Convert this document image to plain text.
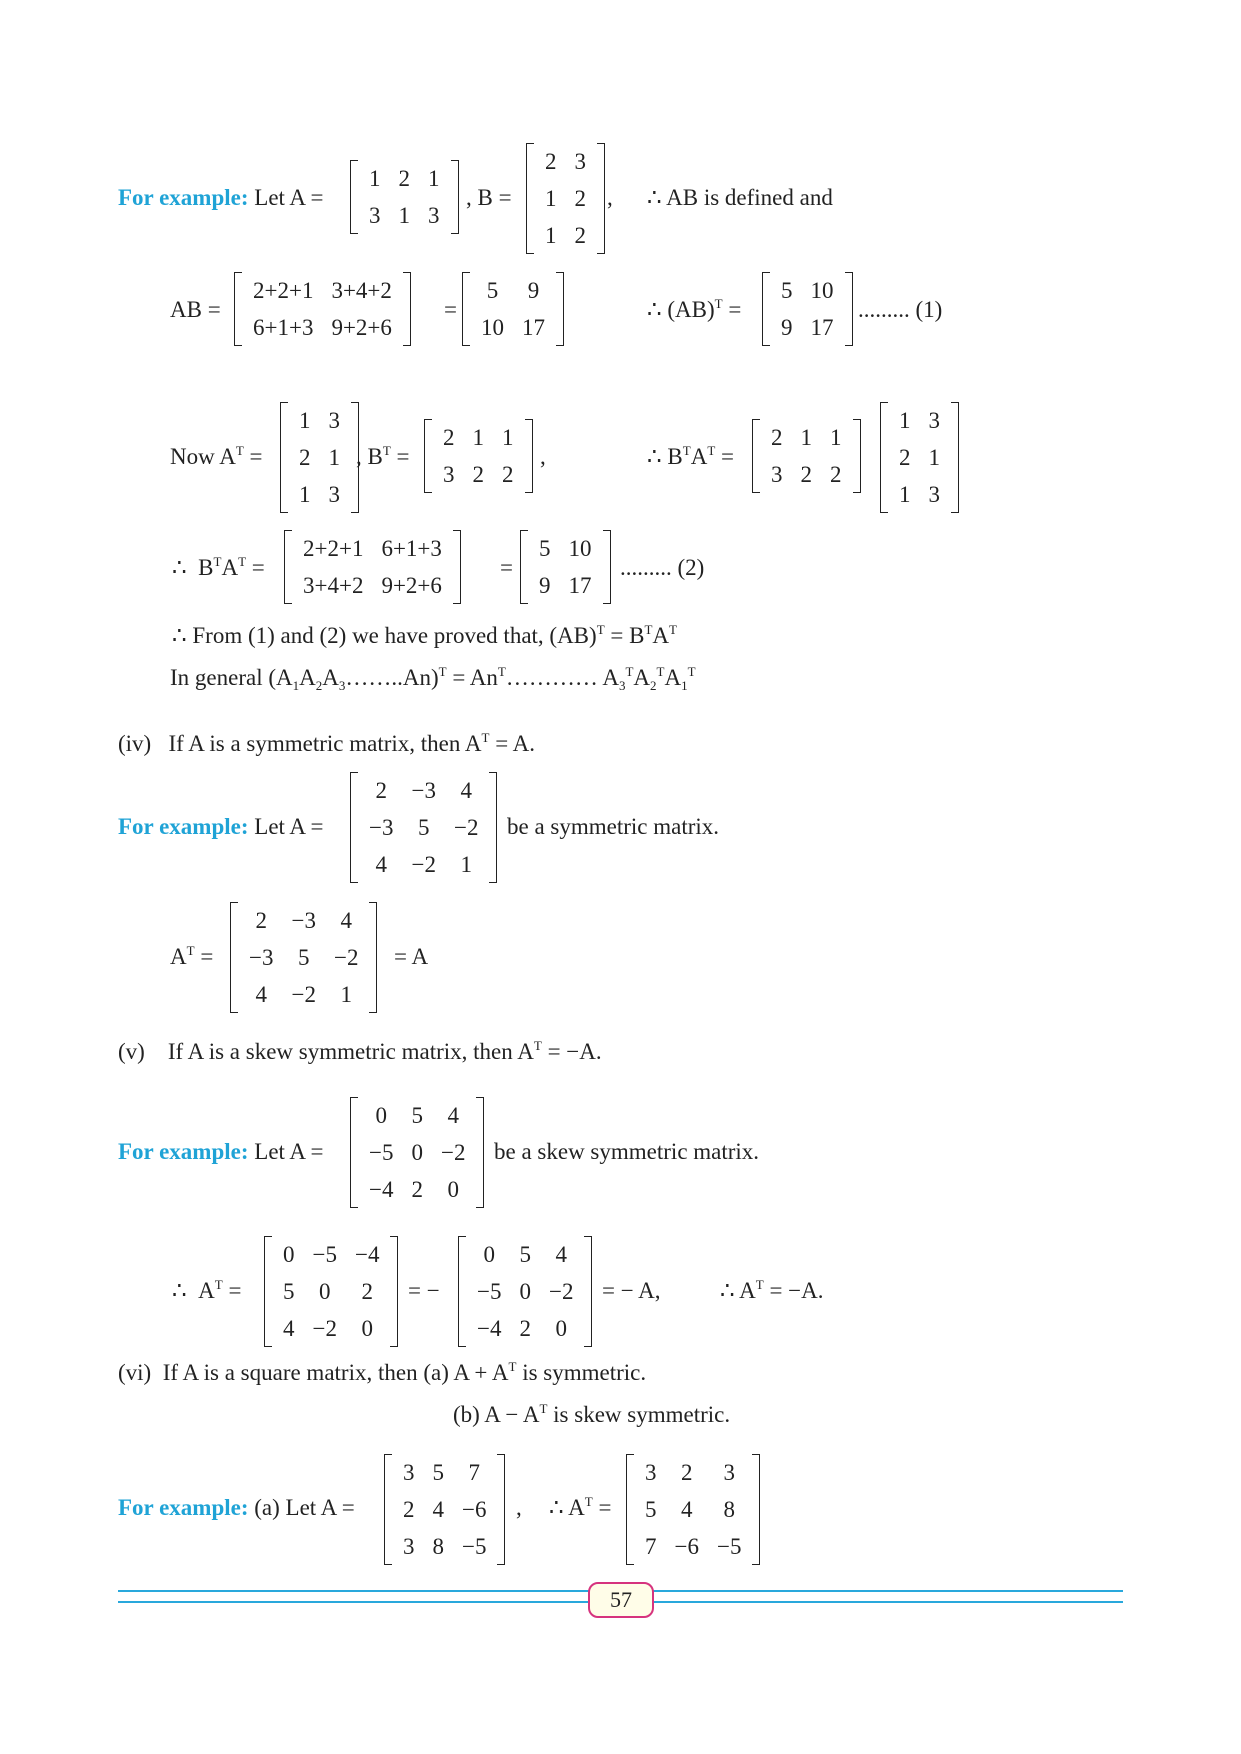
For example: Let A =
1	2	1
3	1	3
, B =
2	3
1	2
1	2
, ∴ AB is defined and
AB =
2+2+1	3+4+2
6+1+3	9+2+6
=
5	9
10	17
∴ (AB)$^T$ =
5	10
9	17
......... (1)
Now $A^T$ =
1	3
2	1
1	3
, $B^T$ =
2	1	1
3	2	2
,	∴ $B^TA^T$ =
2	1	1
3	2	2
1	3
2	1
1	3
∴ $B^TA^T$ =
2+2+1	6+1+3
3+4+2	9+2+6
=
5	10
9	17
......... (2)
∴ From (1) and (2) we have proved that, $(AB)^T = B^TA^T$
In general $(A_1A_2A_3\dots\dots..An)^T$ = $An^T\dots\dots\dots\dots$ $A_3^TA_2^TA_1^T$
(iv) If A is a symmetric matrix, then $A^T = A$.
For example: Let A =
2	−3	4
−3	5	−2
4	−2	1
be a symmetric matrix.
$A^T$ =
2	−3	4
−3	5	−2
4	−2	1
= A
(v) If A is a skew symmetric matrix, then $A^T = -A$.
For example: Let A =
0	5	4
−5	0	−2
−4	2	0
be a skew symmetric matrix.
∴ $A^T$ =
0	−5	−4
5	0	2
4	−2	0
= −
0	5	4
−5	0	−2
−4	2	0
= − A,	∴ $A^T = -A$.
(vi) If A is a square matrix, then (a) $A + A^T$ is symmetric.
(b) $A - A^T$ is skew symmetric.
For example: (a) Let A =
3	5	7
2	4	−6
3	8	−5
, ∴ $A^T$ =
3	2	3
5	4	8
7	−6	−5
57
